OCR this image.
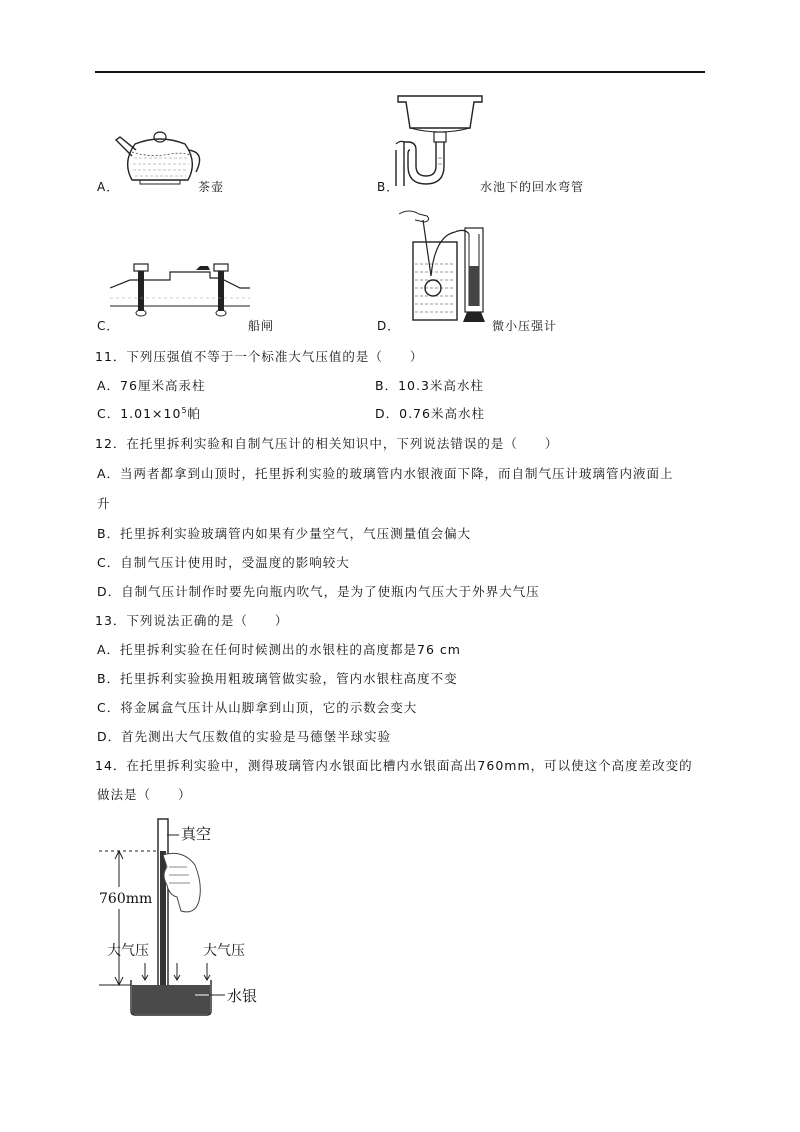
A．	茶壶	B．	水池下的回水弯管
C．	船闸	D．	微小压强计
11．下列压强值不等于一个标准大气压值的是（　　）
A．76厘米高汞柱	B．10.3米高水柱
C．$1.01\times 10^5$帕	D．0.76米高水柱
12．在托里拆利实验和自制气压计的相关知识中，下列说法错误的是（　　）
A．当两者都拿到山顶时，托里拆利实验的玻璃管内水银液面下降，而自制气压计玻璃管内液面上
升
B．托里拆利实验玻璃管内如果有少量空气，气压测量值会偏大
C．自制气压计使用时，受温度的影响较大
D．自制气压计制作时要先向瓶内吹气，是为了使瓶内气压大于外界大气压
13．下列说法正确的是（　　）
A．托里拆利实验在任何时候测出的水银柱的高度都是76 cm
B．托里拆利实验换用粗玻璃管做实验，管内水银柱高度不变
C．将金属盒气压计从山脚拿到山顶，它的示数会变大
D．首先测出大气压数值的实验是马德堡半球实验
14．在托里拆利实验中，测得玻璃管内水银面比槽内水银面高出760mm，可以使这个高度差改变的
做法是（　　）
真空
760mm
大气压	大气压
水银
